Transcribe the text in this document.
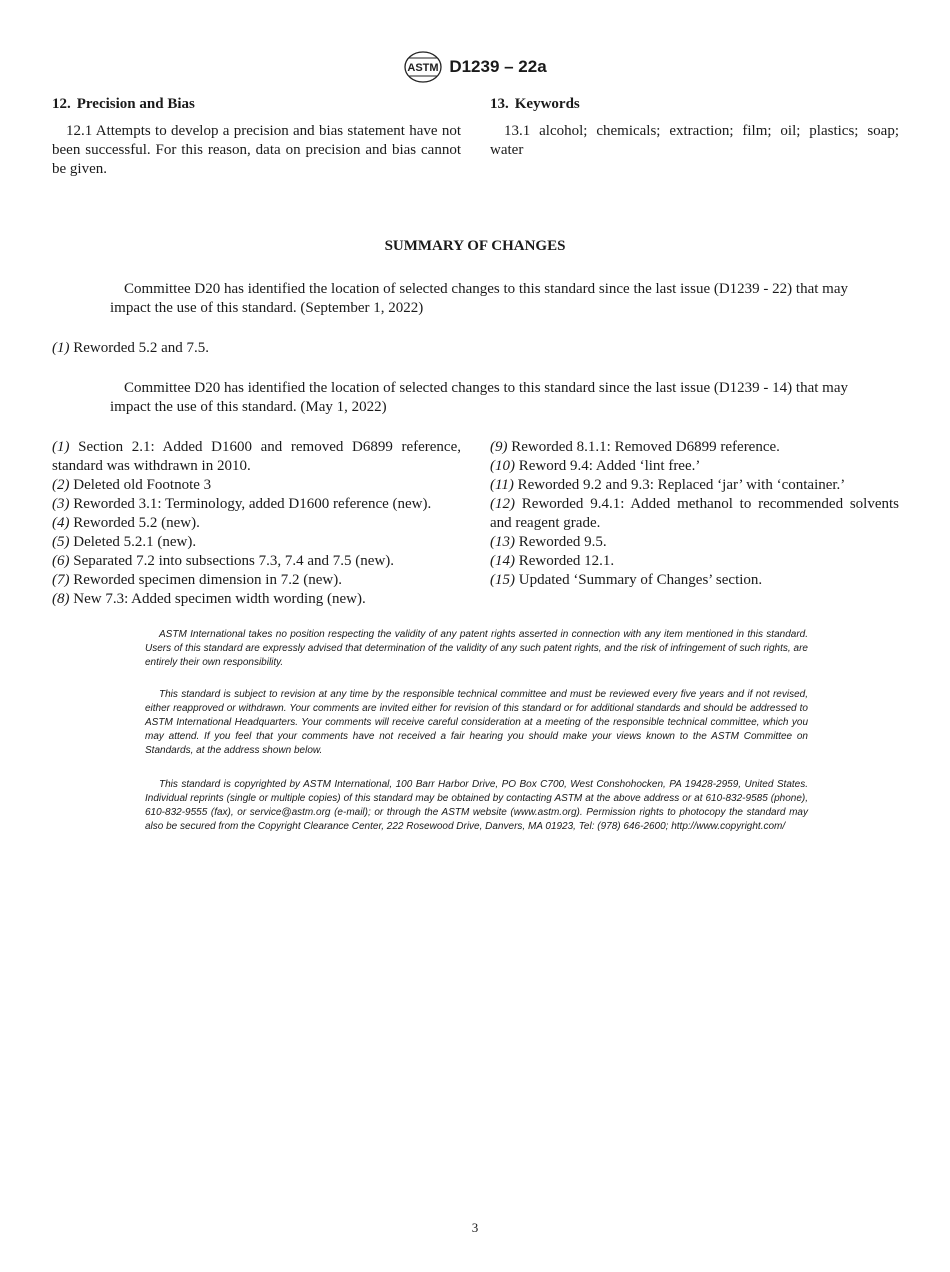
ASTM D1239 – 22a
12. Precision and Bias

12.1 Attempts to develop a precision and bias statement have not been successful. For this reason, data on precision and bias cannot be given.

13. Keywords

13.1 alcohol; chemicals; extraction; film; oil; plastics; soap; water

SUMMARY OF CHANGES
Committee D20 has identified the location of selected changes to this standard since the last issue (D1239 - 22) that may impact the use of this standard. (September 1, 2022)
(1) Reworded 5.2 and 7.5.
Committee D20 has identified the location of selected changes to this standard since the last issue (D1239 - 14) that may impact the use of this standard. (May 1, 2022)
(1) Section 2.1: Added D1600 and removed D6899 reference, standard was withdrawn in 2010.
(2) Deleted old Footnote 3
(3) Reworded 3.1: Terminology, added D1600 reference (new).
(4) Reworded 5.2 (new).
(5) Deleted 5.2.1 (new).
(6) Separated 7.2 into subsections 7.3, 7.4 and 7.5 (new).
(7) Reworded specimen dimension in 7.2 (new).
(8) New 7.3: Added specimen width wording (new).
(9) Reworded 8.1.1: Removed D6899 reference.
(10) Reword 9.4: Added ‘lint free.’
(11) Reworded 9.2 and 9.3: Replaced ‘jar’ with ‘container.’
(12) Reworded 9.4.1: Added methanol to recommended solvents and reagent grade.
(13) Reworded 9.5.
(14) Reworded 12.1.
(15) Updated ‘Summary of Changes’ section.

ASTM International takes no position respecting the validity of any patent rights asserted in connection with any item mentioned in this standard. Users of this standard are expressly advised that determination of the validity of any such patent rights, and the risk of infringement of such rights, are entirely their own responsibility.

This standard is subject to revision at any time by the responsible technical committee and must be reviewed every five years and if not revised, either reapproved or withdrawn. Your comments are invited either for revision of this standard or for additional standards and should be addressed to ASTM International Headquarters. Your comments will receive careful consideration at a meeting of the responsible technical committee, which you may attend. If you feel that your comments have not received a fair hearing you should make your views known to the ASTM Committee on Standards, at the address shown below.

This standard is copyrighted by ASTM International, 100 Barr Harbor Drive, PO Box C700, West Conshohocken, PA 19428-2959, United States. Individual reprints (single or multiple copies) of this standard may be obtained by contacting ASTM at the above address or at 610-832-9585 (phone), 610-832-9555 (fax), or service@astm.org (e-mail); or through the ASTM website (www.astm.org). Permission rights to photocopy the standard may also be secured from the Copyright Clearance Center, 222 Rosewood Drive, Danvers, MA 01923, Tel: (978) 646-2600; http://www.copyright.com/

3
